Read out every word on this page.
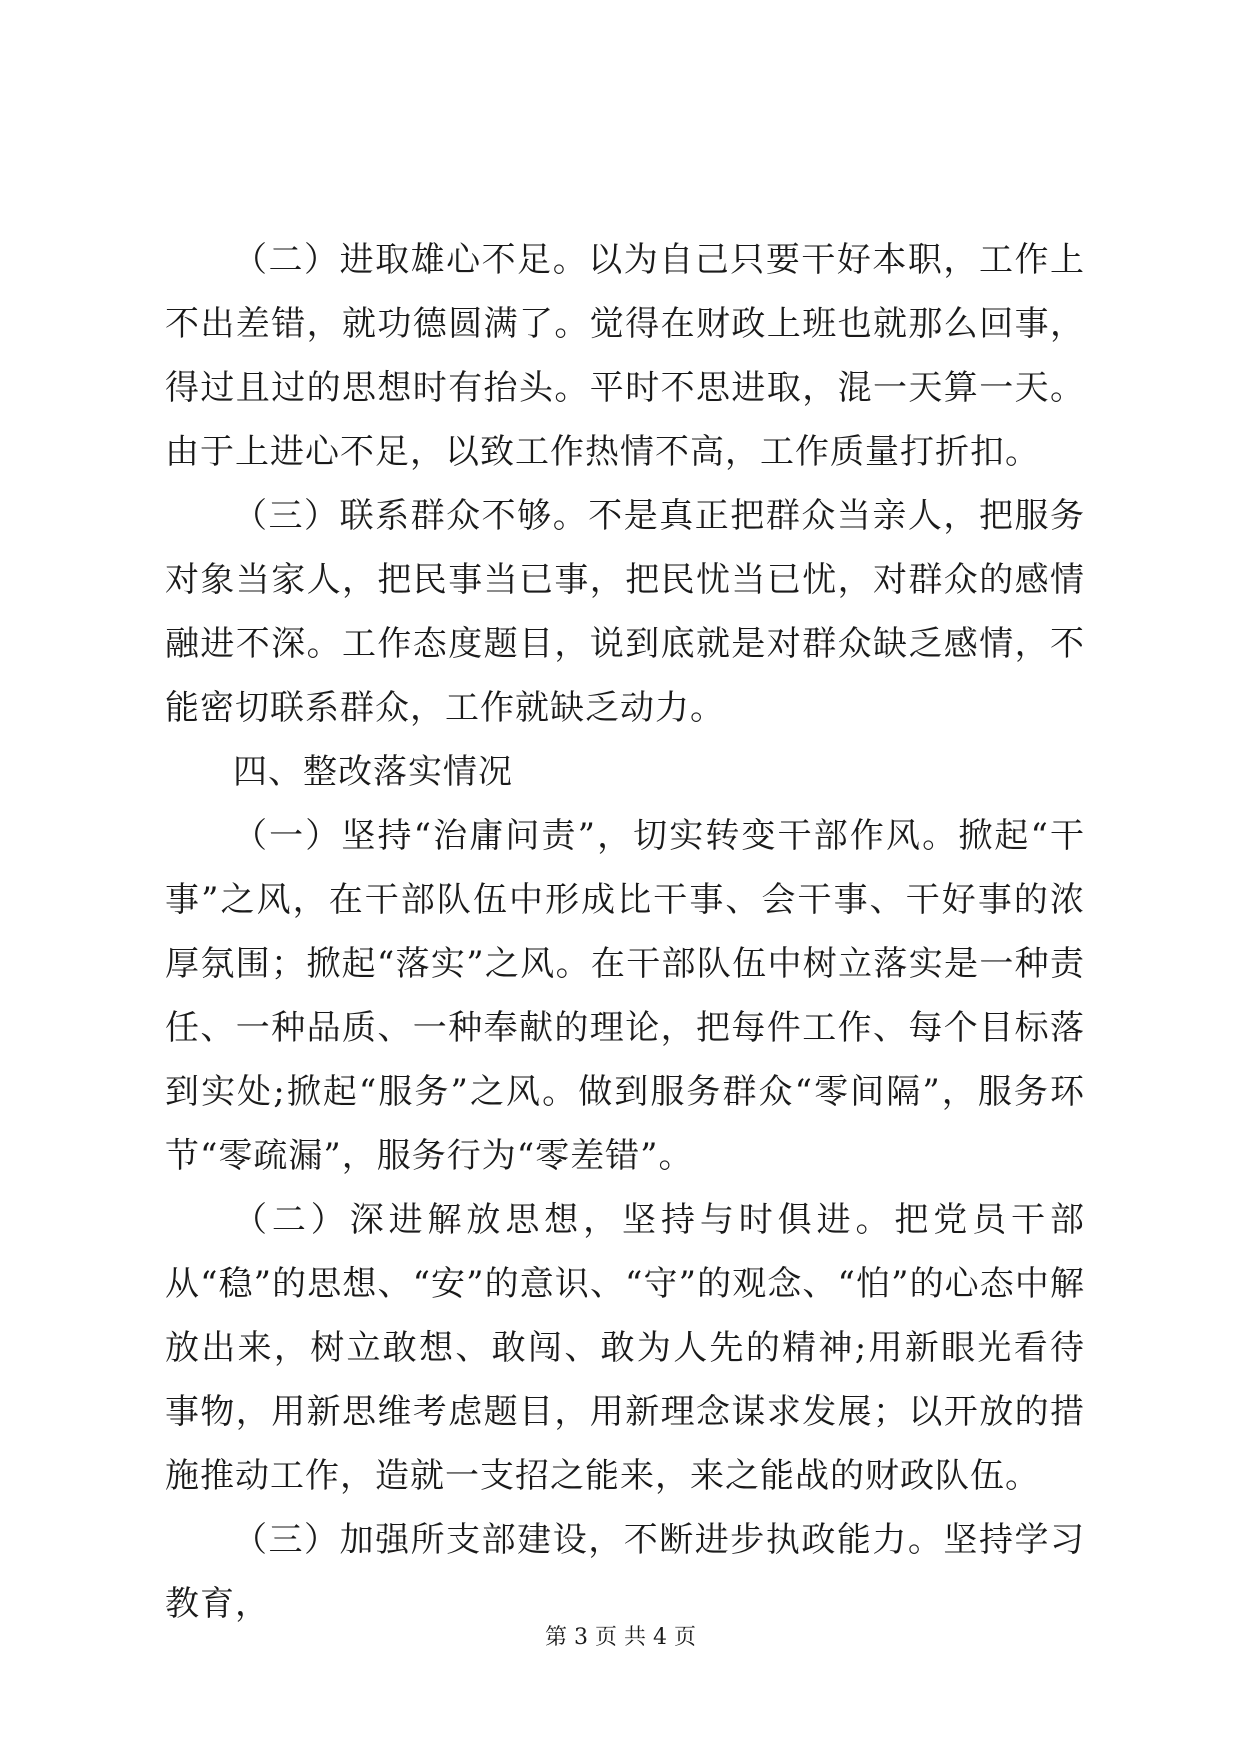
（二）进取雄心不足。以为自己只要干好本职，工作上不出差错，就功德圆满了。觉得在财政上班也就那么回事，得过且过的思想时有抬头。平时不思进取，混一天算一天。由于上进心不足，以致工作热情不高，工作质量打折扣。

（三）联系群众不够。不是真正把群众当亲人，把服务对象当家人，把民事当已事，把民忧当已忧，对群众的感情融进不深。工作态度题目，说到底就是对群众缺乏感情，不能密切联系群众，工作就缺乏动力。

四、整改落实情况

（一）坚持“治庸问责”，切实转变干部作风。掀起“干事”之风，在干部队伍中形成比干事、会干事、干好事的浓厚氛围；掀起“落实”之风。在干部队伍中树立落实是一种责任、一种品质、一种奉献的理论，把每件工作、每个目标落到实处;掀起“服务”之风。做到服务群众“零间隔”，服务环节“零疏漏”，服务行为“零差错”。

（二）深进解放思想，坚持与时俱进。把党员干部从“稳”的思想、“安”的意识、“守”的观念、“怕”的心态中解放出来，树立敢想、敢闯、敢为人先的精神;用新眼光看待事物，用新思维考虑题目，用新理念谋求发展；以开放的措施推动工作，造就一支招之能来，来之能战的财政队伍。

（三）加强所支部建设，不断进步执政能力。坚持学习教育，

第 3 页 共 4 页
